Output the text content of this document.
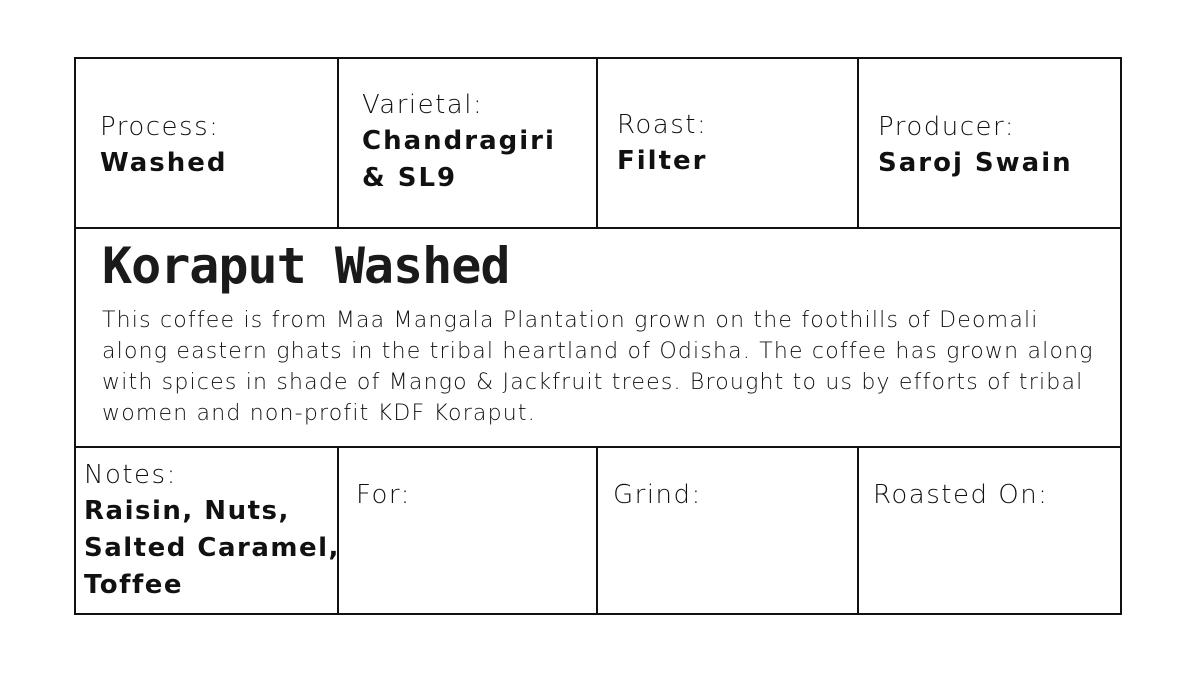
Process:
Washed
Varietal:
Chandragiri
& SL9
Roast:
Filter
Producer:
Saroj Swain
Koraput Washed
This coffee is from Maa Mangala Plantation grown on the foothills of Deomali along eastern ghats in the tribal heartland of Odisha. The coffee has grown along with spices in shade of Mango & Jackfruit trees. Brought to us by efforts of tribal women and non-profit KDF Koraput.
Notes:
Raisin, Nuts,
Salted Caramel,
Toffee
For:	Grind:	Roasted On:
